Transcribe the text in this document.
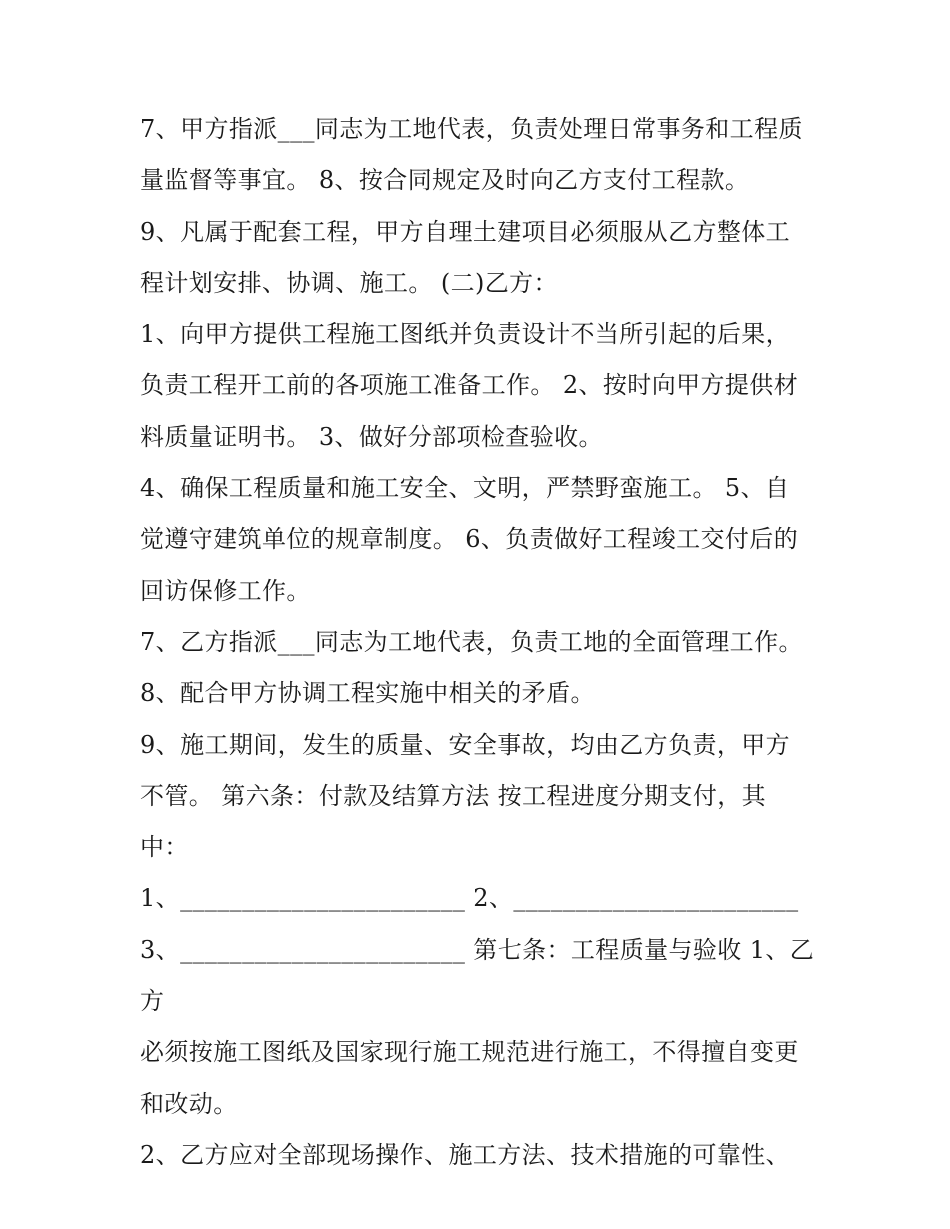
7、甲方指派___同志为工地代表，负责处理日常事务和工程质
量监督等事宜。 8、按合同规定及时向乙方支付工程款。

9、凡属于配套工程，甲方自理土建项目必须服从乙方整体工
程计划安排、协调、施工。 (二)乙方：

1、向甲方提供工程施工图纸并负责设计不当所引起的后果，
负责工程开工前的各项施工准备工作。 2、按时向甲方提供材
料质量证明书。 3、做好分部项检查验收。

4、确保工程质量和施工安全、文明，严禁野蛮施工。 5、自
觉遵守建筑单位的规章制度。 6、负责做好工程竣工交付后的
回访保修工作。

7、乙方指派___同志为工地代表，负责工地的全面管理工作。

8、配合甲方协调工程实施中相关的矛盾。

9、施工期间，发生的质量、安全事故，均由乙方负责，甲方
不管。 第六条：付款及结算方法 按工程进度分期支付，其
中：

1、_______________________ 2、_______________________

3、_______________________ 第七条：工程质量与验收 1、乙方
必须按施工图纸及国家现行施工规范进行施工，不得擅自变更
和改动。

2、乙方应对全部现场操作、施工方法、技术措施的可靠性、
